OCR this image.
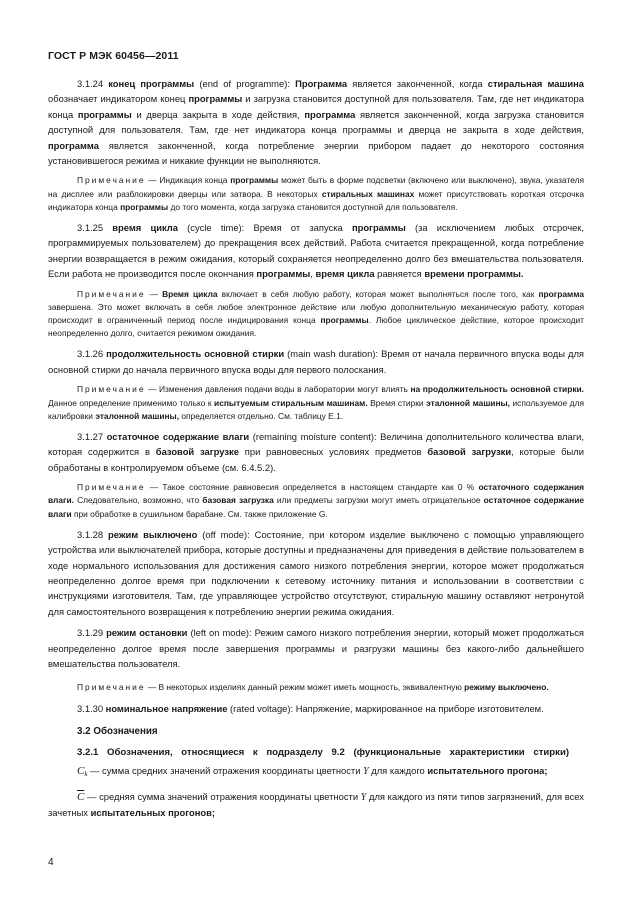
ГОСТ Р МЭК 60456—2011

3.1.24 конец программы (end of programme): Программа является законченной, когда стиральная машина обозначает индикатором конец программы и загрузка становится доступной для пользователя. Там, где нет индикатора конца программы и дверца закрыта в ходе действия, программа является законченной, когда загрузка становится доступной для пользователя. Там, где нет индикатора конца программы и дверца не закрыта в ходе действия, программа является законченной, когда потребление энергии прибором падает до некоторого состояния установившегося режима и никакие функции не выполняются.

Примечание — Индикация конца программы может быть в форме подсветки (включено или выключено), звука, указателя на дисплее или разблокировки дверцы или затвора. В некоторых стиральных машинах может присутствовать короткая отсрочка индикатора конца программы до того момента, когда загрузка становится доступной для пользователя.

3.1.25 время цикла (cycle time): Время от запуска программы (за исключением любых отсрочек, программируемых пользователем) до прекращения всех действий. Работа считается прекращенной, когда потребление энергии возвращается в режим ожидания, который сохраняется неопределенно долго без вмешательства пользователя. Если работа не производится после окончания программы, время цикла равняется времени программы.

Примечание — Время цикла включает в себя любую работу, которая может выполняться после того, как программа завершена. Это может включать в себя любое электронное действие или любую дополнительную механическую работу, которая происходит в ограниченный период после индицирования конца программы. Любое циклическое действие, которое происходит неопределенно долго, считается режимом ожидания.

3.1.26 продолжительность основной стирки (main wash duration): Время от начала первичного впуска воды для основной стирки до начала первичного впуска воды для первого полоскания.

Примечание — Изменения давления подачи воды в лаборатории могут влиять на продолжительность основной стирки. Данное определение применимо только к испытуемым стиральным машинам. Время стирки эталонной машины, используемое для калибровки эталонной машины, определяется отдельно. См. таблицу Е.1.

3.1.27 остаточное содержание влаги (remaining moisture content): Величина дополнительного количества влаги, которая содержится в базовой загрузке при равновесных условиях предметов базовой загрузки, которые были обработаны в контролируемом объеме (см. 6.4.5.2).

Примечание — Такое состояние равновесия определяется в настоящем стандарте как 0 % остаточного содержания влаги. Следовательно, возможно, что базовая загрузка или предметы загрузки могут иметь отрицательное остаточное содержание влаги при обработке в сушильном барабане. См. также приложение G.

3.1.28 режим выключено (off mode): Состояние, при котором изделие выключено с помощью управляющего устройства или выключателей прибора, которые доступны и предназначены для приведения в действие пользователем в ходе нормального использования для достижения самого низкого потребления энергии, которое может продолжаться неопределенно долгое время при подключении к сетевому источнику питания и использовании в соответствии с инструкциями изготовителя. Там, где управляющее устройство отсутствуют, стиральную машину оставляют нетронутой для самостоятельного возвращения к потреблению энергии режима ожидания.

3.1.29 режим остановки (left on mode): Режим самого низкого потребления энергии, который может продолжаться неопределенно долгое время после завершения программы и разгрузки машины без какого-либо дальнейшего вмешательства пользователя.

Примечание — В некоторых изделиях данный режим может иметь мощность, эквивалентную режиму выключено.

3.1.30 номинальное напряжение (rated voltage): Напряжение, маркированное на приборе изготовителем.

3.2 Обозначения
3.2.1 Обозначения, относящиеся к подразделу 9.2 (функциональные характеристики стирки)

$C_k$ — сумма средних значений отражения координаты цветности Y для каждого испытательного прогона;

$\overline{C}$ — средняя сумма значений отражения координаты цветности Y для каждого из пяти типов загрязнений, для всех зачетных испытательных прогонов;

4
